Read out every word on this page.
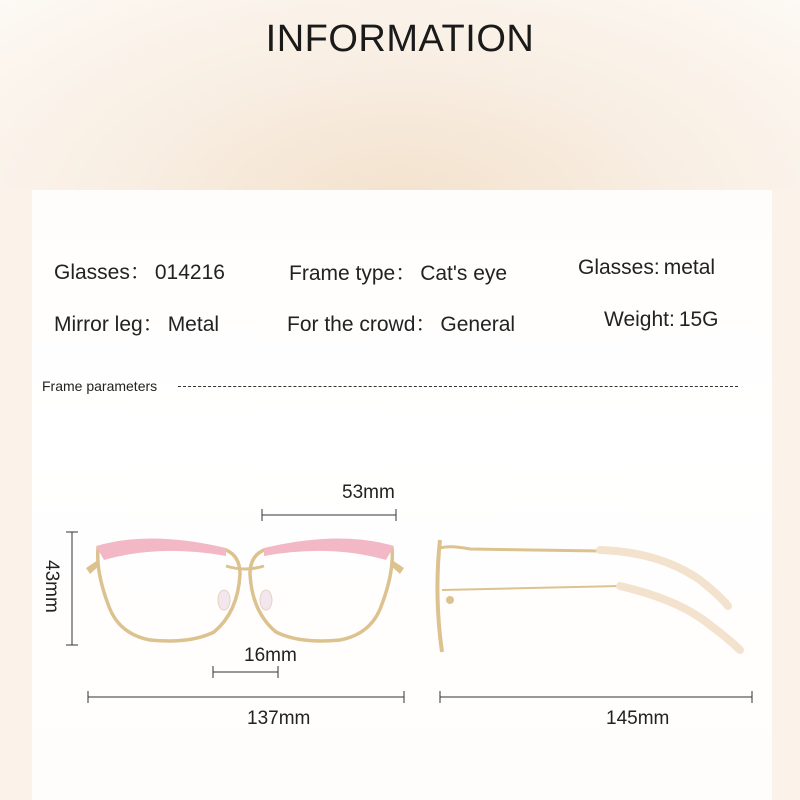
INFORMATION
Glasses： 014216	Frame type： Cat's eye	Glasses: metal
Mirror leg： Metal	For the crowd： General	Weight: 15G
Frame parameters
53mm
16mm
43mm
137mm	145mm
